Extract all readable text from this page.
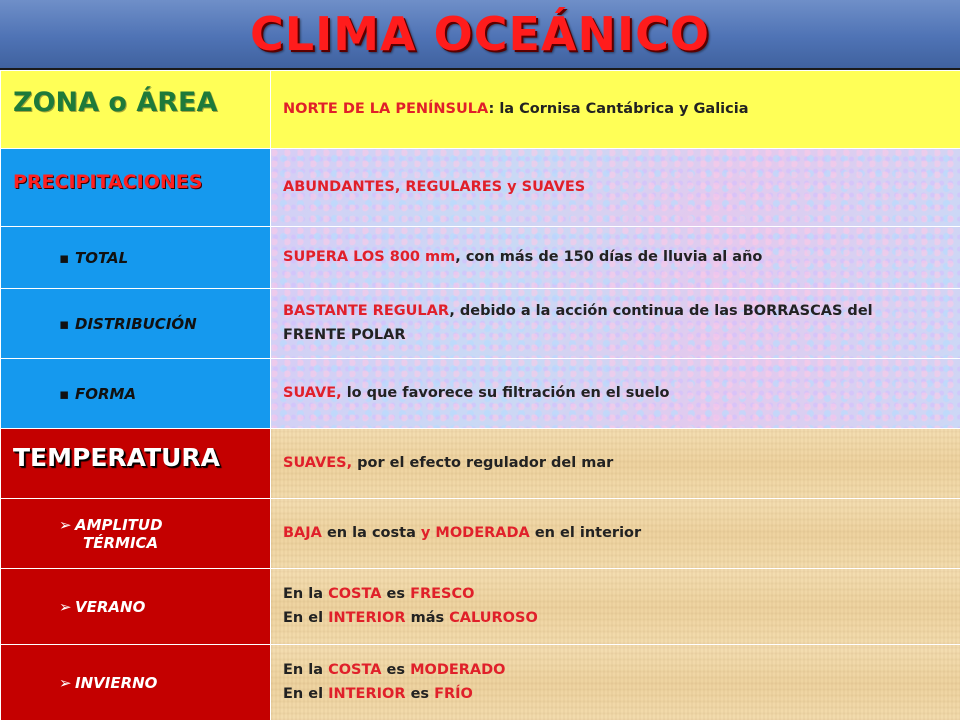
CLIMA OCEÁNICO
ZONA o ÁREA	NORTE DE LA PENÍNSULA: la Cornisa Cantábrica y Galicia
PRECIPITACIONES	ABUNDANTES, REGULARES y SUAVES
▪ TOTAL	SUPERA LOS 800 mm, con más de 150 días de lluvia al año
▪ DISTRIBUCIÓN	BASTANTE REGULAR, debido a la acción continua de las BORRASCAS del FRENTE POLAR
▪ FORMA	SUAVE, lo que favorece su filtración en el suelo
TEMPERATURA	SUAVES, por el efecto regulador del mar
➢ AMPLITUD
TÉRMICA	BAJA en la costa y MODERADA en el interior
➢ VERANO	En la COSTA es FRESCO
En el INTERIOR más CALUROSO

➢ INVIERNO	En la COSTA es MODERADO
En el INTERIOR es FRÍO
